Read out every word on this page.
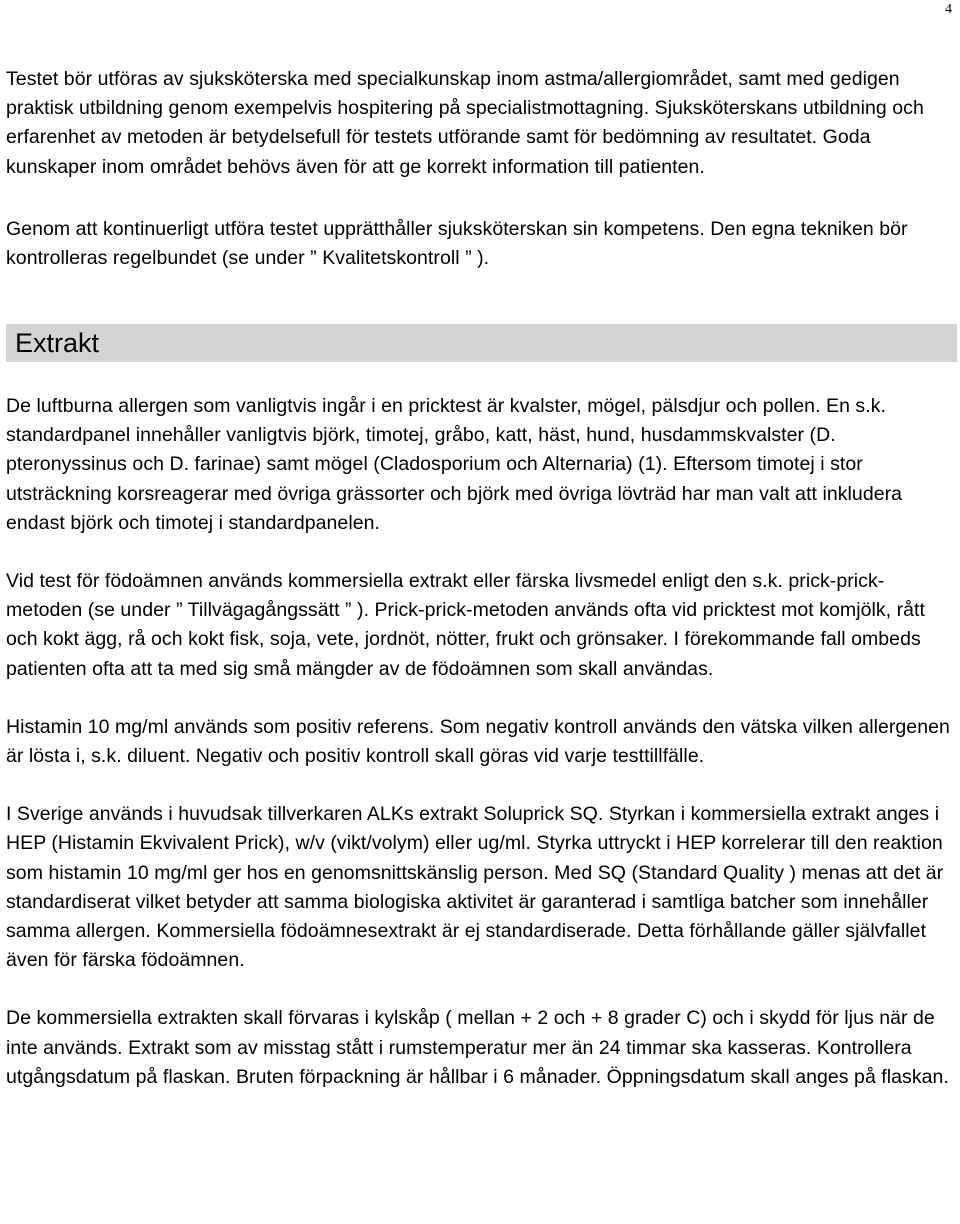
4

Testet bör utföras av sjuksköterska med specialkunskap inom astma/allergiområdet, samt med gedigen praktisk utbildning genom exempelvis hospitering på specialistmottagning. Sjuksköterskans utbildning och erfarenhet av metoden är betydelsefull för testets utförande samt för bedömning av resultatet. Goda kunskaper inom området behövs även för att ge korrekt information till patienten.

Genom att kontinuerligt utföra testet upprätthåller sjuksköterskan sin kompetens. Den egna tekniken bör kontrolleras regelbundet (se under ” Kvalitetskontroll ” ).

Extrakt

De luftburna allergen som vanligtvis ingår i en pricktest är kvalster, mögel, pälsdjur och pollen. En s.k. standardpanel innehåller vanligtvis björk, timotej, gråbo, katt, häst, hund, husdammskvalster (D. pteronyssinus och D. farinae) samt mögel (Cladosporium och Alternaria) (1). Eftersom timotej i stor utsträckning korsreagerar med övriga grässorter och björk med övriga lövträd har man valt att inkludera endast björk och timotej i standardpanelen.

Vid test för födoämnen används kommersiella extrakt eller färska livsmedel enligt den s.k. prick-prick-metoden (se under ” Tillvägagångssätt ” ). Prick-prick-metoden används ofta vid pricktest mot komjölk, rått och kokt ägg, rå och kokt fisk, soja, vete, jordnöt, nötter, frukt och grönsaker. I förekommande fall ombeds patienten ofta att ta med sig små mängder av de födoämnen som skall användas.

Histamin 10 mg/ml används som positiv referens. Som negativ kontroll används den vätska vilken allergenen är lösta i, s.k. diluent. Negativ och positiv kontroll skall göras vid varje testtillfälle.

I Sverige används i huvudsak tillverkaren ALKs extrakt Soluprick SQ. Styrkan i kommersiella extrakt anges i HEP (Histamin Ekvivalent Prick), w/v (vikt/volym) eller ug/ml. Styrka uttryckt i HEP korrelerar till den reaktion som histamin 10 mg/ml ger hos en genomsnittskänslig person. Med SQ (Standard Quality ) menas att det är standardiserat vilket betyder att samma biologiska aktivitet är garanterad i samtliga batcher som innehåller samma allergen. Kommersiella födoämnesextrakt är ej standardiserade. Detta förhållande gäller självfallet även för färska födoämnen.

De kommersiella extrakten skall förvaras i kylskåp ( mellan + 2 och + 8 grader C) och i skydd för ljus när de inte används. Extrakt som av misstag stått i rumstemperatur mer än 24 timmar ska kasseras. Kontrollera utgångsdatum på flaskan. Bruten förpackning är hållbar i 6 månader. Öppningsdatum skall anges på flaskan.
